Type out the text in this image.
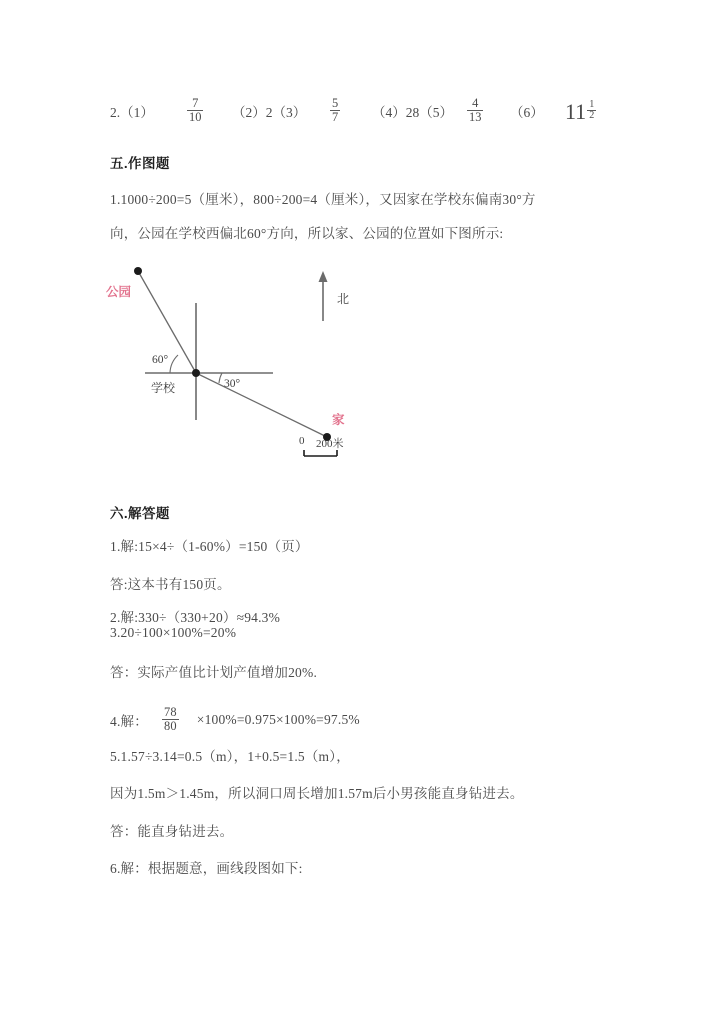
2.（1）	$\frac{7}{10} (2)2(3) \frac{5}{7} (4)28(5) \frac{4}{13} (6)$ $11 \frac{1}{2}$
五.作图题
1.1000÷200=5（厘米），800÷200=4（厘米），又因家在学校东偏南30°方
向，公园在学校西偏北60°方向，所以家、公园的位置如下图所示:
公园
学校
家
北
60°
30°
0 200米
六.解答题
1.解:15×4÷（1-60%）=150（页）
答:这本书有150页。
2.解:330÷（330+20）≈94.3%
3.20÷100×100%=20%
答：实际产值比计划产值增加20%.
4.解： $\frac{78}{80} \times 100\%=0.975\times 100\%=97.5\%$
5.1.57÷3.14=0.5（m），1+0.5=1.5（m），
因为1.5m＞1.45m，所以洞口周长增加1.57m后小男孩能直身钻进去。
答：能直身钻进去。
6.解：根据题意，画线段图如下:
